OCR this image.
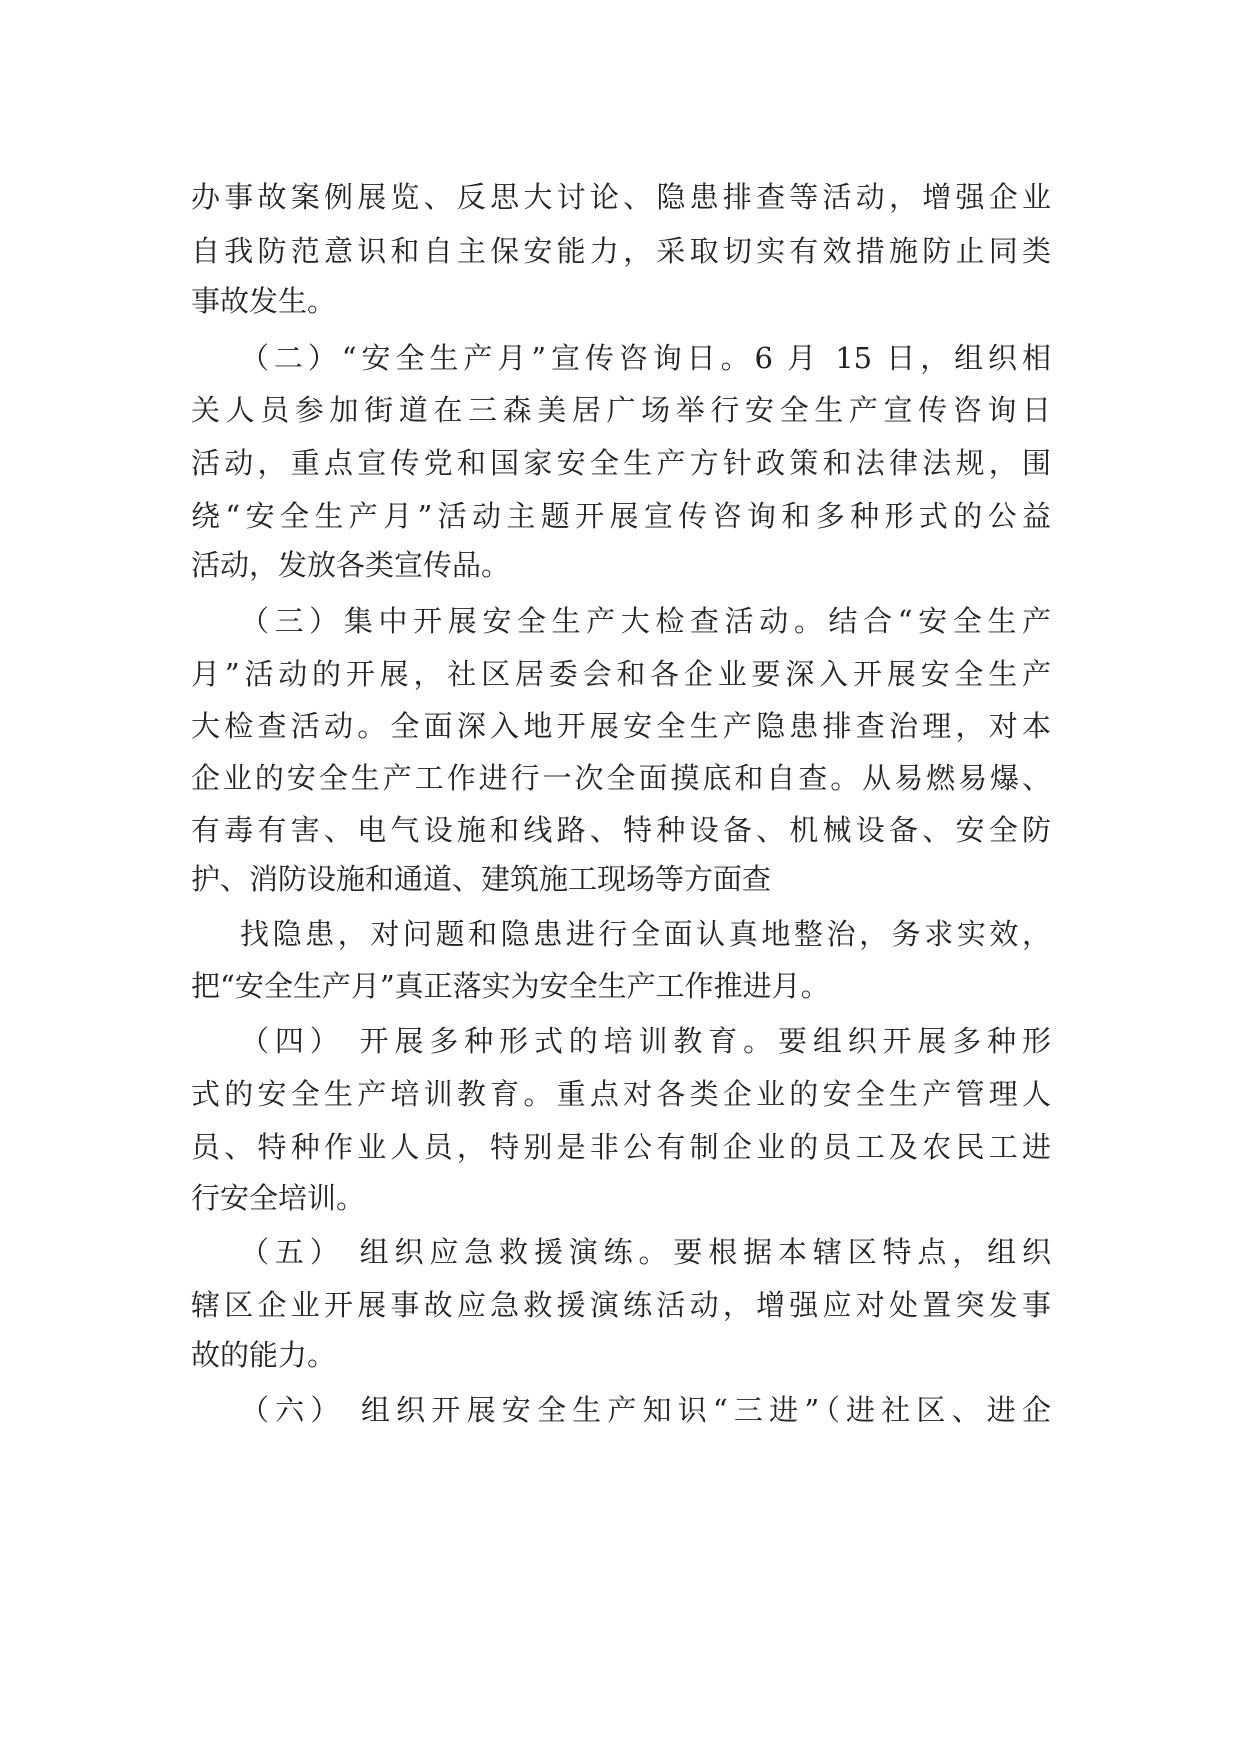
办事故案例展览、反思大讨论、隐患排查等活动，增强企业

自我防范意识和自主保安能力，采取切实有效措施防止同类

事故发生。

（二）“安全生产月”宣传咨询日。6 月 15 日，组织相

关人员参加街道在三森美居广场举行安全生产宣传咨询日

活动，重点宣传党和国家安全生产方针政策和法律法规，围

绕“安全生产月”活动主题开展宣传咨询和多种形式的公益

活动，发放各类宣传品。

（三）集中开展安全生产大检查活动。结合“安全生产

月”活动的开展，社区居委会和各企业要深入开展安全生产

大检查活动。全面深入地开展安全生产隐患排查治理，对本

企业的安全生产工作进行一次全面摸底和自查。从易燃易爆、

有毒有害、电气设施和线路、特种设备、机械设备、安全防

护、消防设施和通道、建筑施工现场等方面查

找隐患，对问题和隐患进行全面认真地整治，务求实效，

把“安全生产月”真正落实为安全生产工作推进月。

（四） 开展多种形式的培训教育。要组织开展多种形

式的安全生产培训教育。重点对各类企业的安全生产管理人

员、特种作业人员，特别是非公有制企业的员工及农民工进

行安全培训。

（五） 组织应急救援演练。要根据本辖区特点，组织

辖区企业开展事故应急救援演练活动，增强应对处置突发事

故的能力。

（六） 组织开展安全生产知识“三进”（进社区、进企
